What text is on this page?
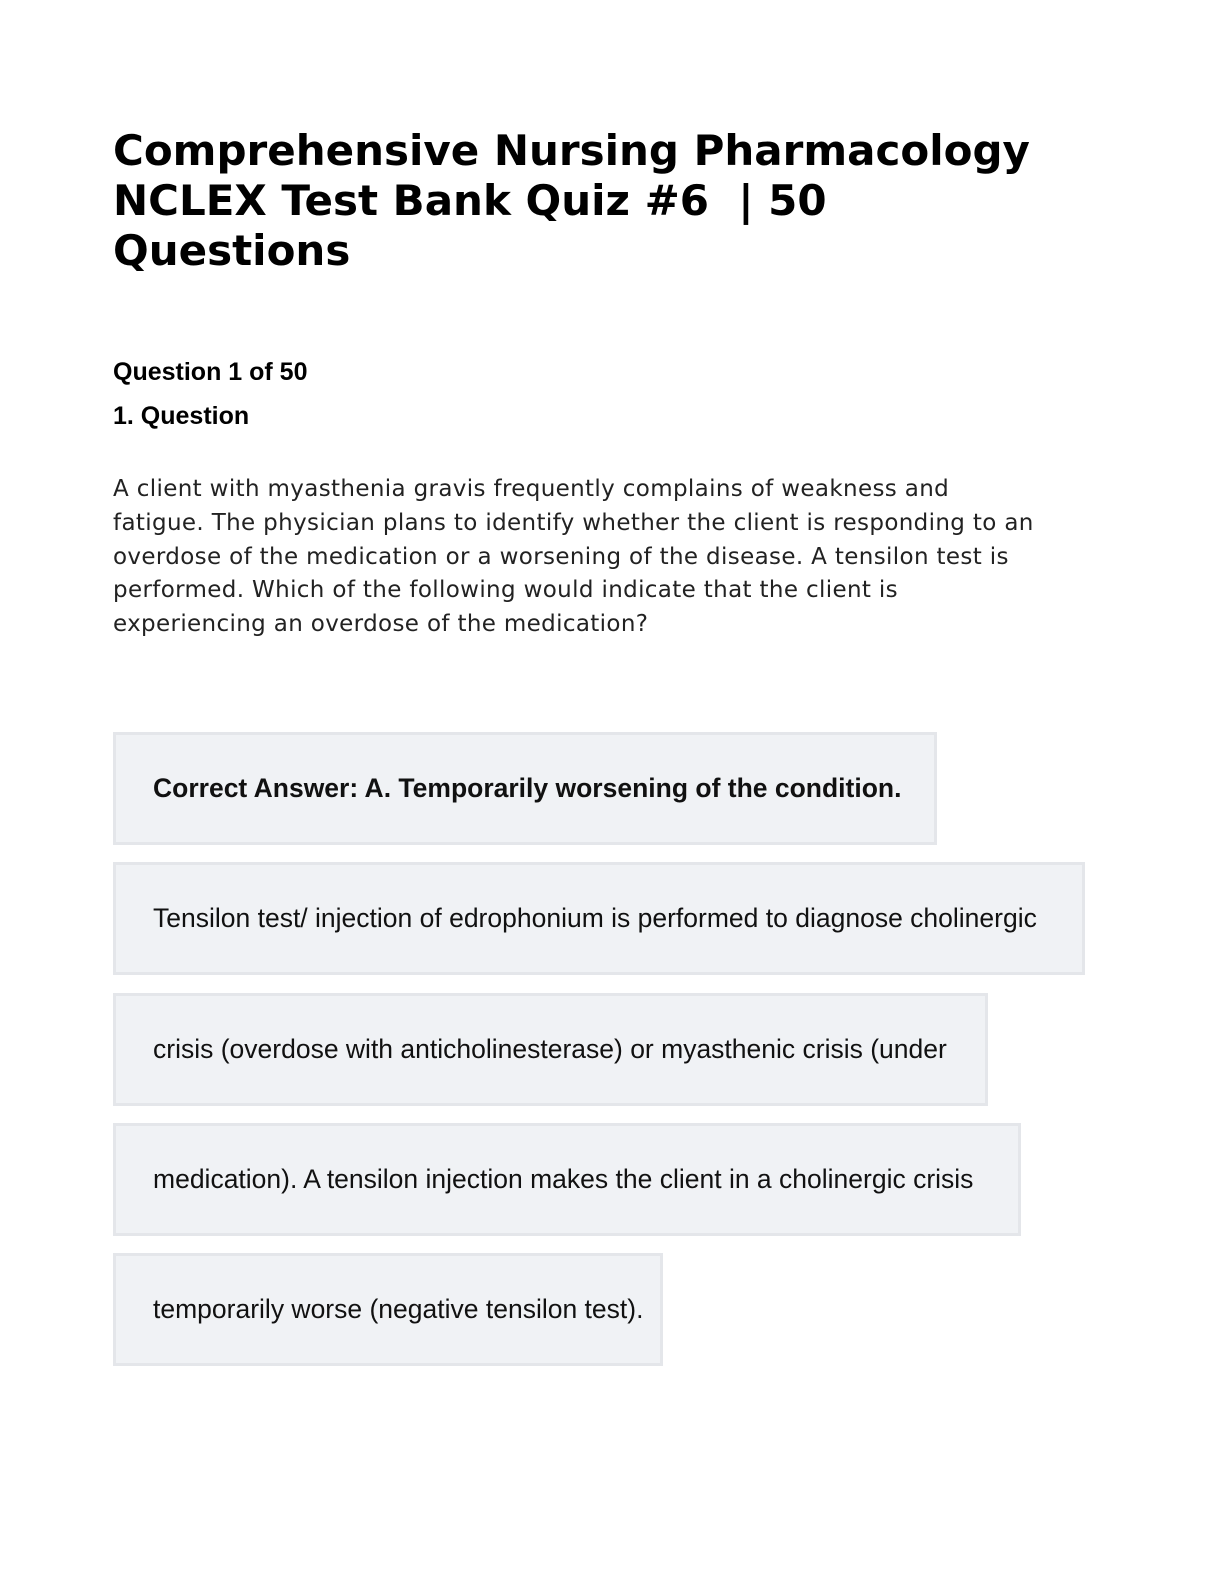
Comprehensive Nursing Pharmacology
NCLEX Test Bank Quiz #6  | 50
Questions

Question 1 of 50

1. Question

A client with myasthenia gravis frequently complains of weakness and
fatigue. The physician plans to identify whether the client is responding to an
overdose of the medication or a worsening of the disease. A tensilon test is
performed. Which of the following would indicate that the client is
experiencing an overdose of the medication?

Correct Answer: A. Temporarily worsening of the condition.
Tensilon test/ injection of edrophonium is performed to diagnose cholinergic
crisis (overdose with anticholinesterase) or myasthenic crisis (under
medication). A tensilon injection makes the client in a cholinergic crisis
temporarily worse (negative tensilon test).
